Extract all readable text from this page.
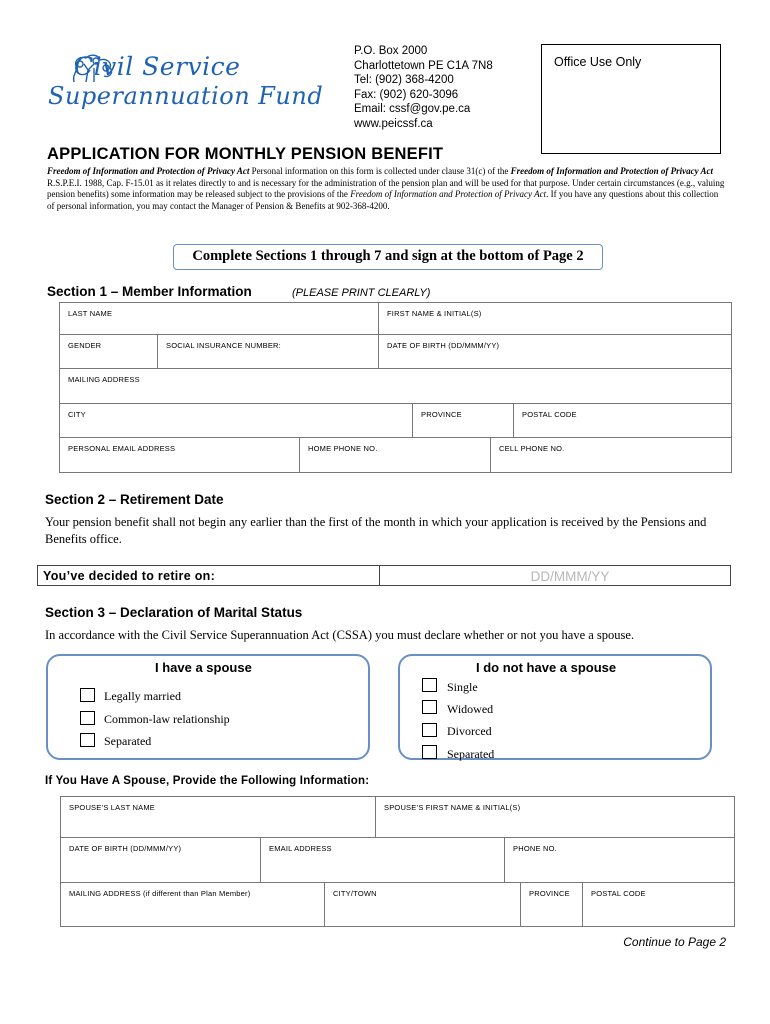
Civil Service
Superannuation Fund
P.O. Box 2000
Charlottetown PE C1A 7N8
Tel: (902) 368-4200
Fax: (902) 620-3096
Email: cssf@gov.pe.ca
www.peicssf.ca
Office Use Only
APPLICATION FOR MONTHLY PENSION BENEFIT
Freedom of Information and Protection of Privacy Act Personal information on this form is collected under clause 31(c) of the Freedom of Information and Protection of Privacy Act R.S.P.E.I. 1988, Cap. F-15.01 as it relates directly to and is necessary for the administration of the pension plan and will be used for that purpose. Under certain circumstances (e.g., valuing pension benefits) some information may be released subject to the provisions of the Freedom of Information and Protection of Privacy Act. If you have any questions about this collection of personal information, you may contact the Manager of Pension & Benefits at 902-368-4200.
Complete Sections 1 through 7 and sign at the bottom of Page 2
Section 1 – Member Information	(PLEASE PRINT CLEARLY)
LAST NAME	FIRST NAME & INITIAL(S)
GENDER	SOCIAL INSURANCE NUMBER:	DATE OF BIRTH (DD/MMM/YY)
MAILING ADDRESS
CITY	PROVINCE	POSTAL CODE
PERSONAL EMAIL ADDRESS	HOME PHONE NO.	CELL PHONE NO.
Section 2 – Retirement Date
Your pension benefit shall not begin any earlier than the first of the month in which your application is received by the Pensions and Benefits office.
You’ve decided to retire on:	DD/MMM/YY
Section 3 – Declaration of Marital Status
In accordance with the Civil Service Superannuation Act (CSSA) you must declare whether or not you have a spouse.
I have a spouse
Legally married
Common-law relationship
Separated
I do not have a spouse
Single
Widowed
Divorced
Separated
If You Have A Spouse, Provide the Following Information:
SPOUSE’S LAST NAME	SPOUSE’S FIRST NAME & INITIAL(S)
DATE OF BIRTH (DD/MMM/YY)	EMAIL ADDRESS	PHONE NO.
MAILING ADDRESS (if different than Plan Member)	CITY/TOWN	PROVINCE	POSTAL CODE
Continue to Page 2
